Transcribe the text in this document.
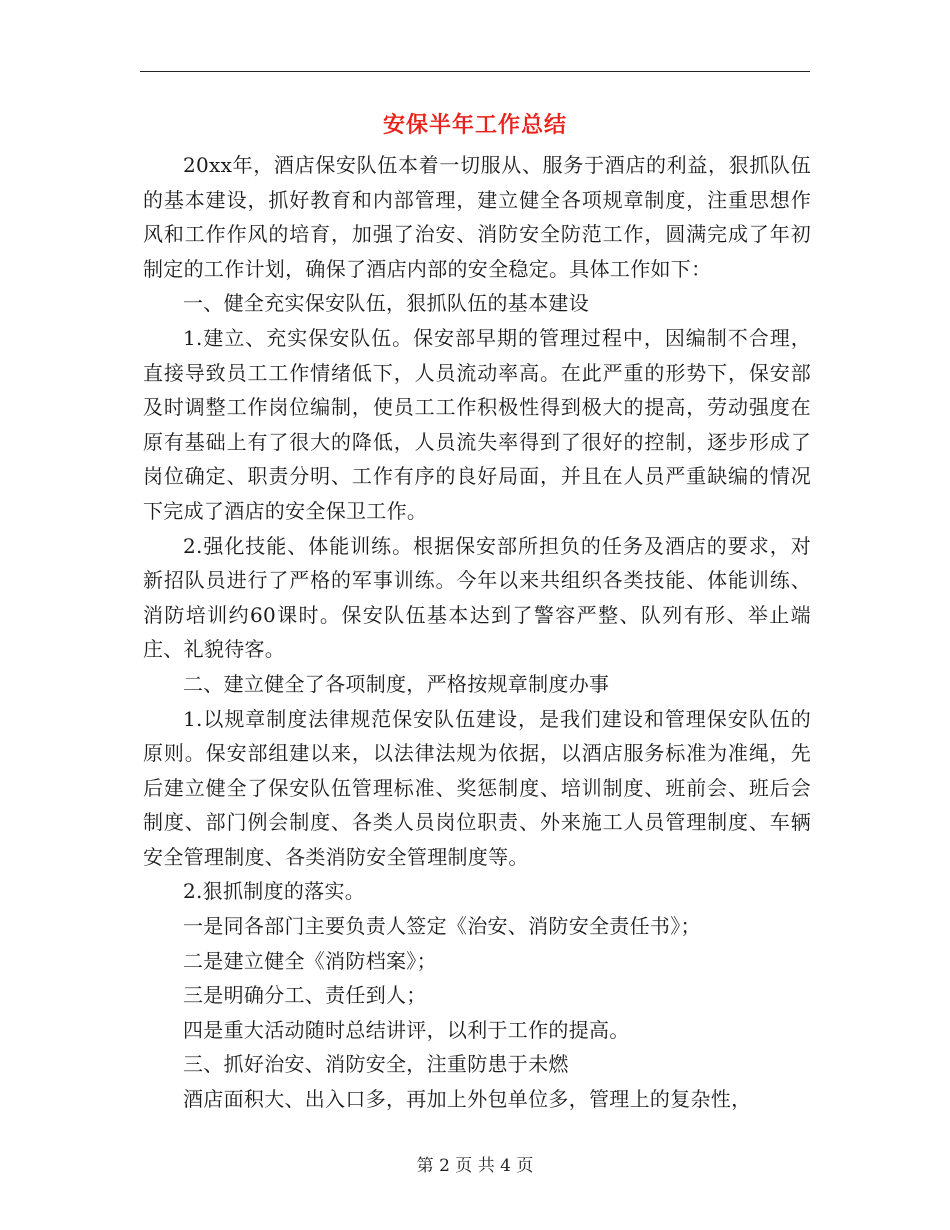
安保半年工作总结

20xx年，酒店保安队伍本着一切服从、服务于酒店的利益，狠抓队伍的基本建设，抓好教育和内部管理，建立健全各项规章制度，注重思想作风和工作作风的培育，加强了治安、消防安全防范工作，圆满完成了年初制定的工作计划，确保了酒店内部的安全稳定。具体工作如下：

一、健全充实保安队伍，狠抓队伍的基本建设

1.建立、充实保安队伍。保安部早期的管理过程中，因编制不合理，直接导致员工工作情绪低下，人员流动率高。在此严重的形势下，保安部及时调整工作岗位编制，使员工工作积极性得到极大的提高，劳动强度在原有基础上有了很大的降低，人员流失率得到了很好的控制，逐步形成了岗位确定、职责分明、工作有序的良好局面，并且在人员严重缺编的情况下完成了酒店的安全保卫工作。

2.强化技能、体能训练。根据保安部所担负的任务及酒店的要求，对新招队员进行了严格的军事训练。今年以来共组织各类技能、体能训练、消防培训约60课时。保安队伍基本达到了警容严整、队列有形、举止端庄、礼貌待客。

二、建立健全了各项制度，严格按规章制度办事

1.以规章制度法律规范保安队伍建设，是我们建设和管理保安队伍的原则。保安部组建以来，以法律法规为依据，以酒店服务标准为准绳，先后建立健全了保安队伍管理标准、奖惩制度、培训制度、班前会、班后会制度、部门例会制度、各类人员岗位职责、外来施工人员管理制度、车辆安全管理制度、各类消防安全管理制度等。

2.狠抓制度的落实。

一是同各部门主要负责人签定《治安、消防安全责任书》；

二是建立健全《消防档案》；

三是明确分工、责任到人；

四是重大活动随时总结讲评，以利于工作的提高。

三、抓好治安、消防安全，注重防患于未燃

酒店面积大、出入口多，再加上外包单位多，管理上的复杂性，

第 2 页 共 4 页
